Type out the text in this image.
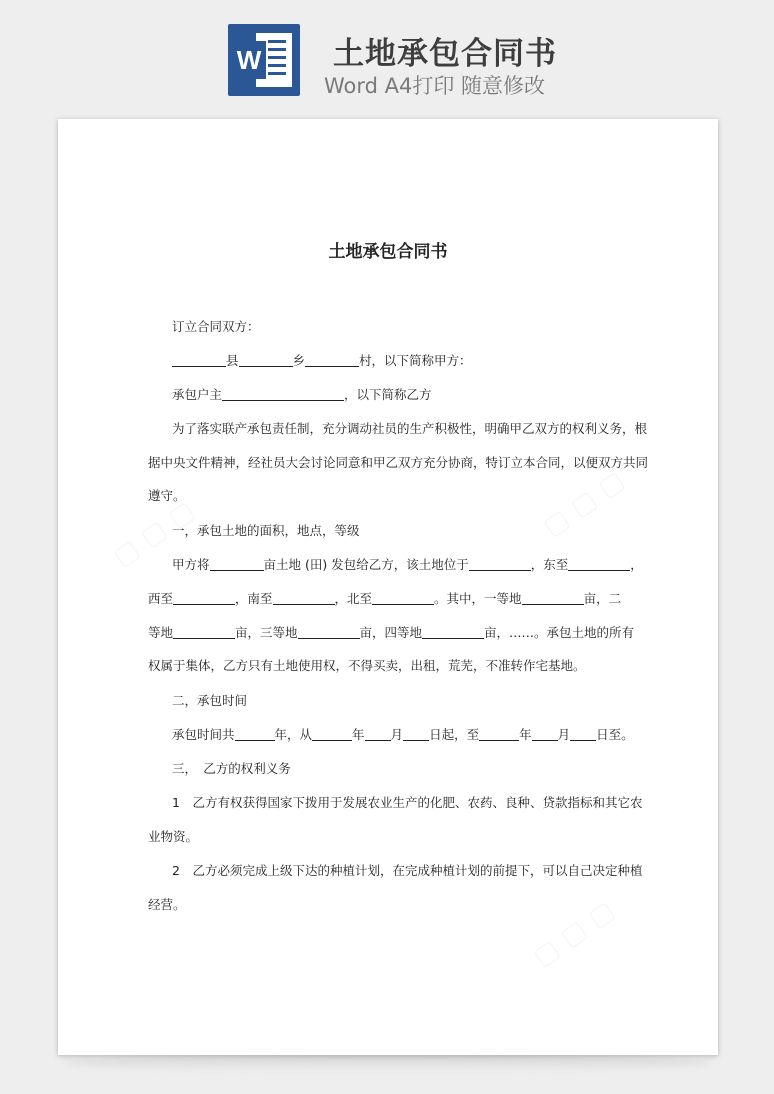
W 土地承包合同书
Word A4打印 随意修改
土地承包合同书
订立合同双方：
县	乡	村，以下简称甲方：
承包户主	，以下简称乙方
为了落实联产承包责任制，充分调动社员的生产积极性，明确甲乙双方的权利义务，根
据中央文件精神，经社员大会讨论同意和甲乙双方充分协商，特订立本合同，以便双方共同
遵守。
一，承包土地的面积，地点，等级
甲方将	亩土地 (田) 发包给乙方，该土地位于	，东至	，
西至	，南至	，北至	。其中，一等地	亩，二
等地	亩，三等地	亩，四等地	亩，……。承包土地的所有
权属于集体，乙方只有土地使用权，不得买卖，出租，荒芜，不准转作宅基地。
二，承包时间
承包时间共	年，从	年 月 日起，至	年 月 日至。
三，　乙方的权利义务
1　乙方有权获得国家下拨用于发展农业生产的化肥、农药、良种、贷款指标和其它农
业物资。
2　乙方必须完成上级下达的种植计划，在完成种植计划的前提下，可以自己决定种植
经营。
